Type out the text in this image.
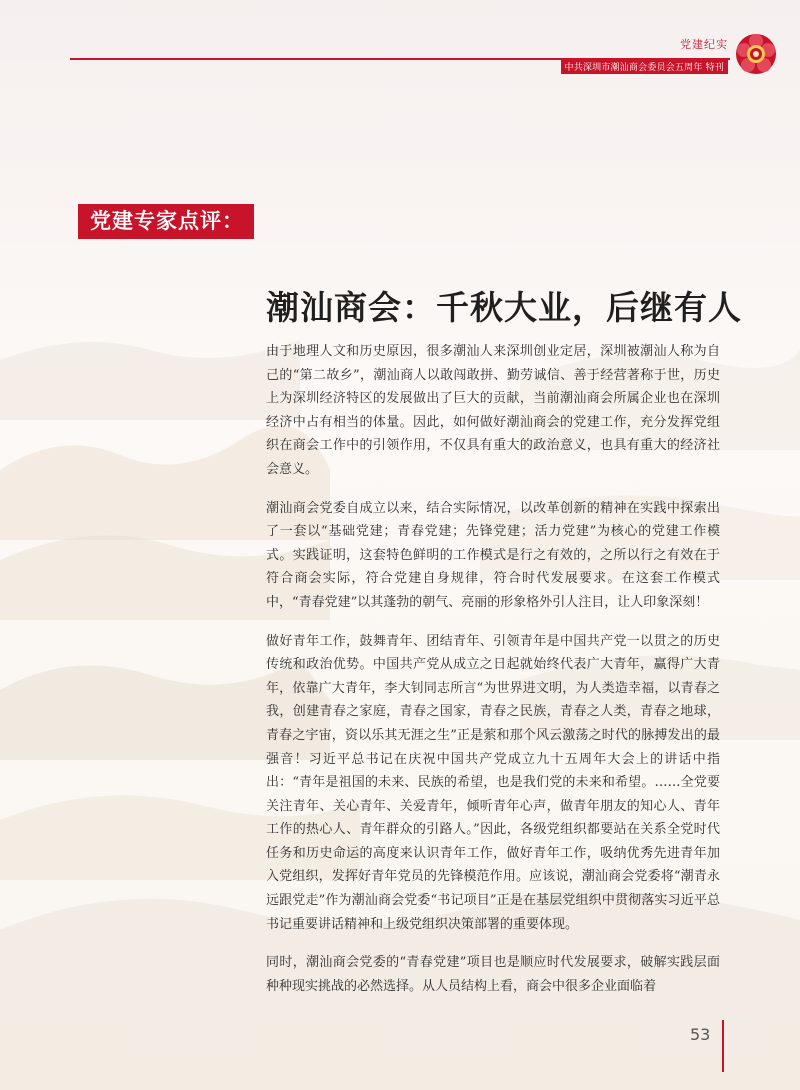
党建纪实
中共深圳市潮汕商会委员会五周年 特刊
党建专家点评：
潮汕商会：千秋大业，后继有人

由于地理人文和历史原因，很多潮汕人来深圳创业定居，深圳被潮汕人称为自己的“第二故乡”，潮汕商人以敢闯敢拼、勤劳诚信、善于经营著称于世，历史上为深圳经济特区的发展做出了巨大的贡献，当前潮汕商会所属企业也在深圳经济中占有相当的体量。因此，如何做好潮汕商会的党建工作，充分发挥党组织在商会工作中的引领作用，不仅具有重大的政治意义，也具有重大的经济社会意义。

潮汕商会党委自成立以来，结合实际情况，以改革创新的精神在实践中探索出了一套以“基础党建；青春党建；先锋党建；活力党建”为核心的党建工作模式。实践证明，这套特色鲜明的工作模式是行之有效的，之所以行之有效在于符合商会实际，符合党建自身规律，符合时代发展要求。在这套工作模式中，“青春党建”以其蓬勃的朝气、亮丽的形象格外引人注目，让人印象深刻！

做好青年工作，鼓舞青年、团结青年、引领青年是中国共产党一以贯之的历史传统和政治优势。中国共产党从成立之日起就始终代表广大青年，赢得广大青年，依靠广大青年，李大钊同志所言“为世界进文明，为人类造幸福，以青春之我，创建青春之家庭，青春之国家，青春之民族，青春之人类，青春之地球，青春之宇宙，资以乐其无涯之生”正是萦和那个风云激荡之时代的脉搏发出的最强音！习近平总书记在庆祝中国共产党成立九十五周年大会上的讲话中指出：“青年是祖国的未来、民族的希望，也是我们党的未来和希望。……全党要关注青年、关心青年、关爱青年，倾听青年心声，做青年朋友的知心人、青年工作的热心人、青年群众的引路人。”因此，各级党组织都要站在关系全党时代任务和历史命运的高度来认识青年工作，做好青年工作，吸纳优秀先进青年加入党组织，发挥好青年党员的先锋模范作用。应该说，潮汕商会党委将“潮青永远跟党走”作为潮汕商会党委“书记项目”正是在基层党组织中贯彻落实习近平总书记重要讲话精神和上级党组织决策部署的重要体现。

同时，潮汕商会党委的“青春党建”项目也是顺应时代发展要求，破解实践层面种种现实挑战的必然选择。从人员结构上看，商会中很多企业面临着

53
